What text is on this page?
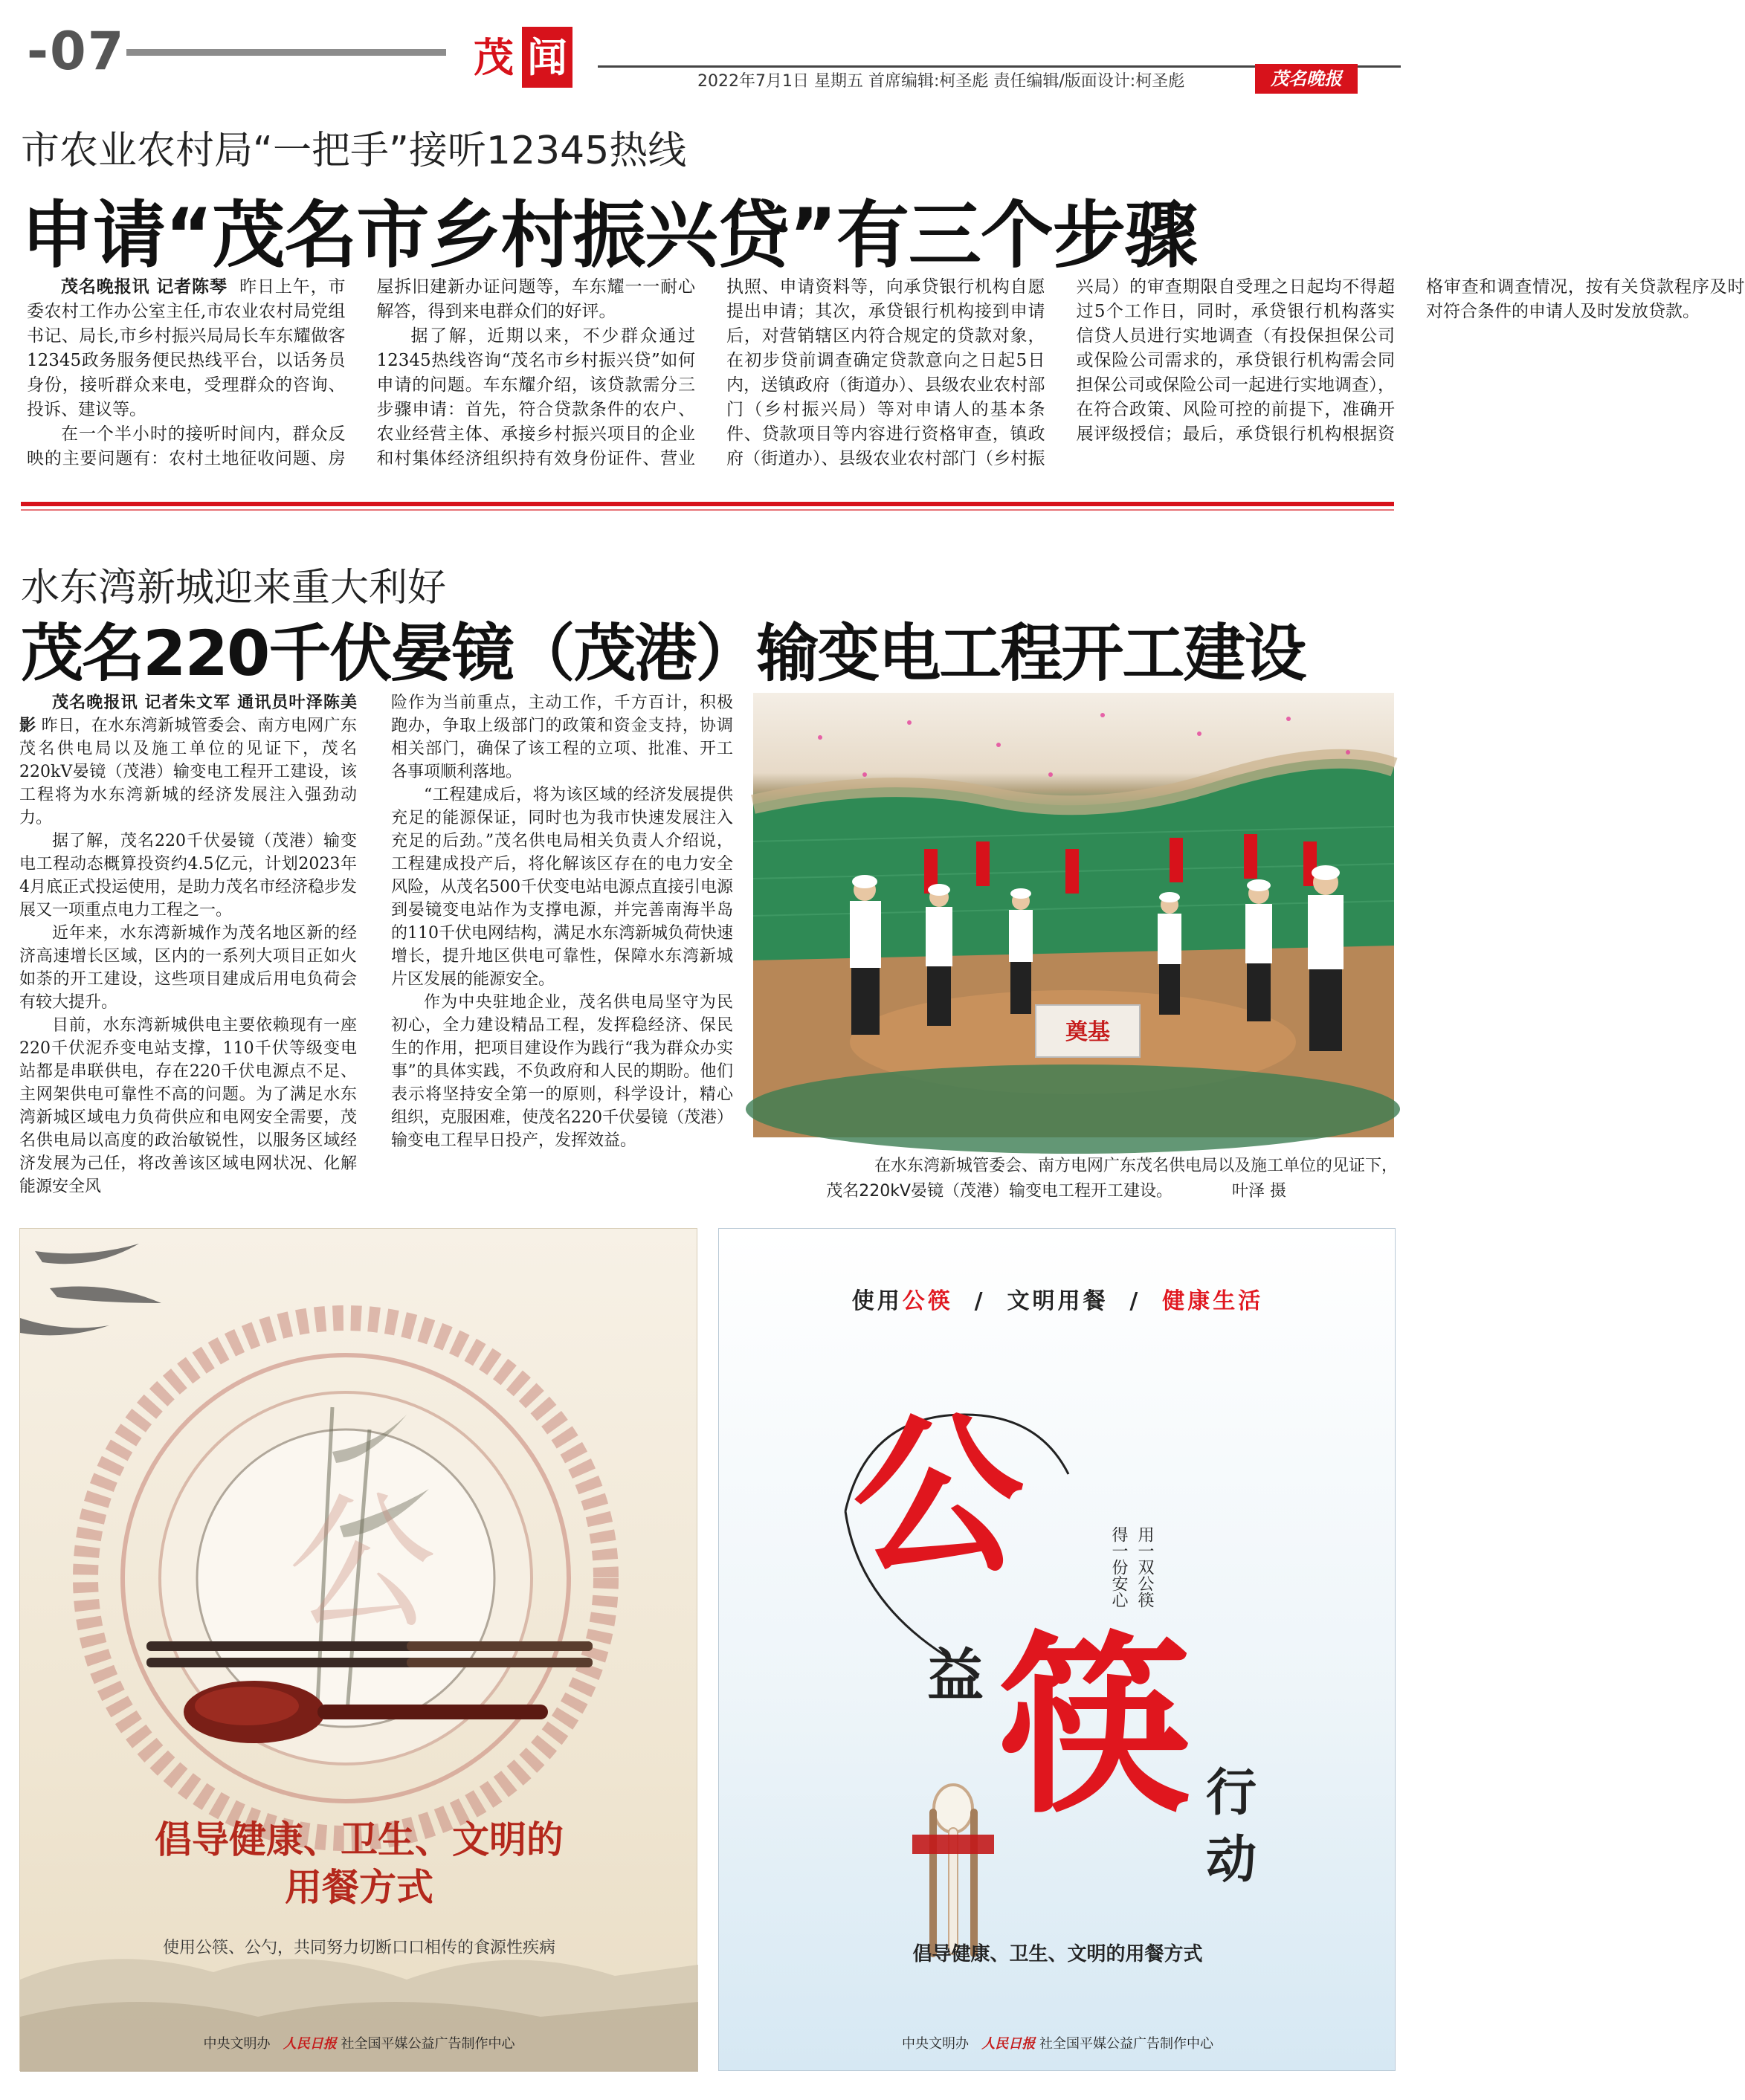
-07	茂 闻
2022年7月1日 星期五 首席编辑:柯圣彪 责任编辑/版面设计:柯圣彪	茂名晚报
市农业农村局“一把手”接听12345热线
申请“茂名市乡村振兴贷”有三个步骤

茂名晚报讯 记者陈琴 昨日上午，市委农村工作办公室主任,市农业农村局党组书记、局长,市乡村振兴局局长车东耀做客12345政务服务便民热线平台，以话务员身份，接听群众来电，受理群众的咨询、投诉、建议等。

在一个半小时的接听时间内，群众反映的主要问题有：农村土地征收问题、房屋拆旧建新办证问题等，车东耀一一耐心解答，得到来电群众们的好评。

据了解，近期以来，不少群众通过12345热线咨询“茂名市乡村振兴贷”如何申请的问题。车东耀介绍，该贷款需分三步骤申请：首先，符合贷款条件的农户、农业经营主体、承接乡村振兴项目的企业和村集体经济组织持有效身份证件、营业执照、申请资料等，向承贷银行机构自愿提出申请；其次，承贷银行机构接到申请后，对营销辖区内符合规定的贷款对象，在初步贷前调查确定贷款意向之日起5日内，送镇政府（街道办）、县级农业农村部门（乡村振兴局）等对申请人的基本条件、贷款项目等内容进行资格审查，镇政府（街道办）、县级农业农村部门（乡村振兴局）的审查期限自受理之日起均不得超过5个工作日，同时，承贷银行机构落实信贷人员进行实地调查（有投保担保公司或保险公司需求的，承贷银行机构需会同担保公司或保险公司一起进行实地调查），在符合政策、风险可控的前提下，准确开展评级授信；最后，承贷银行机构根据资格审查和调查情况，按有关贷款程序及时对符合条件的申请人及时发放贷款。

水东湾新城迎来重大利好
茂名220千伏晏镜（茂港）输变电工程开工建设

茂名晚报讯 记者朱文军 通讯员叶泽陈美影 昨日，在水东湾新城管委会、南方电网广东茂名供电局以及施工单位的见证下，茂名220kV晏镜（茂港）输变电工程开工建设，该工程将为水东湾新城的经济发展注入强劲动力。

据了解，茂名220千伏晏镜（茂港）输变电工程动态概算投资约4.5亿元，计划2023年4月底正式投运使用，是助力茂名市经济稳步发展又一项重点电力工程之一。

近年来，水东湾新城作为茂名地区新的经济高速增长区域，区内的一系列大项目正如火如荼的开工建设，这些项目建成后用电负荷会有较大提升。

目前，水东湾新城供电主要依赖现有一座220千伏泥乔变电站支撑，110千伏等级变电站都是串联供电，存在220千伏电源点不足、主网架供电可靠性不高的问题。为了满足水东湾新城区域电力负荷供应和电网安全需要，茂名供电局以高度的政治敏锐性，以服务区域经济发展为己任，将改善该区域电网状况、化解能源安全风

险作为当前重点，主动工作，千方百计，积极跑办，争取上级部门的政策和资金支持，协调相关部门，确保了该工程的立项、批准、开工各事项顺利落地。

“工程建成后，将为该区域的经济发展提供充足的能源保证，同时也为我市快速发展注入充足的后劲。”茂名供电局相关负责人介绍说，工程建成投产后，将化解该区存在的电力安全风险，从茂名500千伏变电站电源点直接引电源到晏镜变电站作为支撑电源，并完善南海半岛的110千伏电网结构，满足水东湾新城负荷快速增长，提升地区供电可靠性，保障水东湾新城片区发展的能源安全。

作为中央驻地企业，茂名供电局坚守为民初心，全力建设精品工程，发挥稳经济、保民生的作用，把项目建设作为践行“我为群众办实事”的具体实践，不负政府和人民的期盼。他们表示将坚持安全第一的原则，科学设计，精心组织，克服困难，使茂名220千伏晏镜（茂港）输变电工程早日投产，发挥效益。

奠基
在水东湾新城管委会、南方电网广东茂名供电局以及施工单位的见证下，
茂名220kV晏镜（茂港）输变电工程开工建设。	叶泽 摄
公
倡导健康、卫生、文明的
用餐方式
使用公筷、公勺，共同努力切断口口相传的食源性疾病
中央文明办 人民日报 社全国平媒公益广告制作中心
使用公筷 / 文明用餐 / 健康生活
公	用一双公筷
得一份安心
益 筷 行
动
倡导健康、卫生、文明的用餐方式
中央文明办 人民日报 社全国平媒公益广告制作中心
